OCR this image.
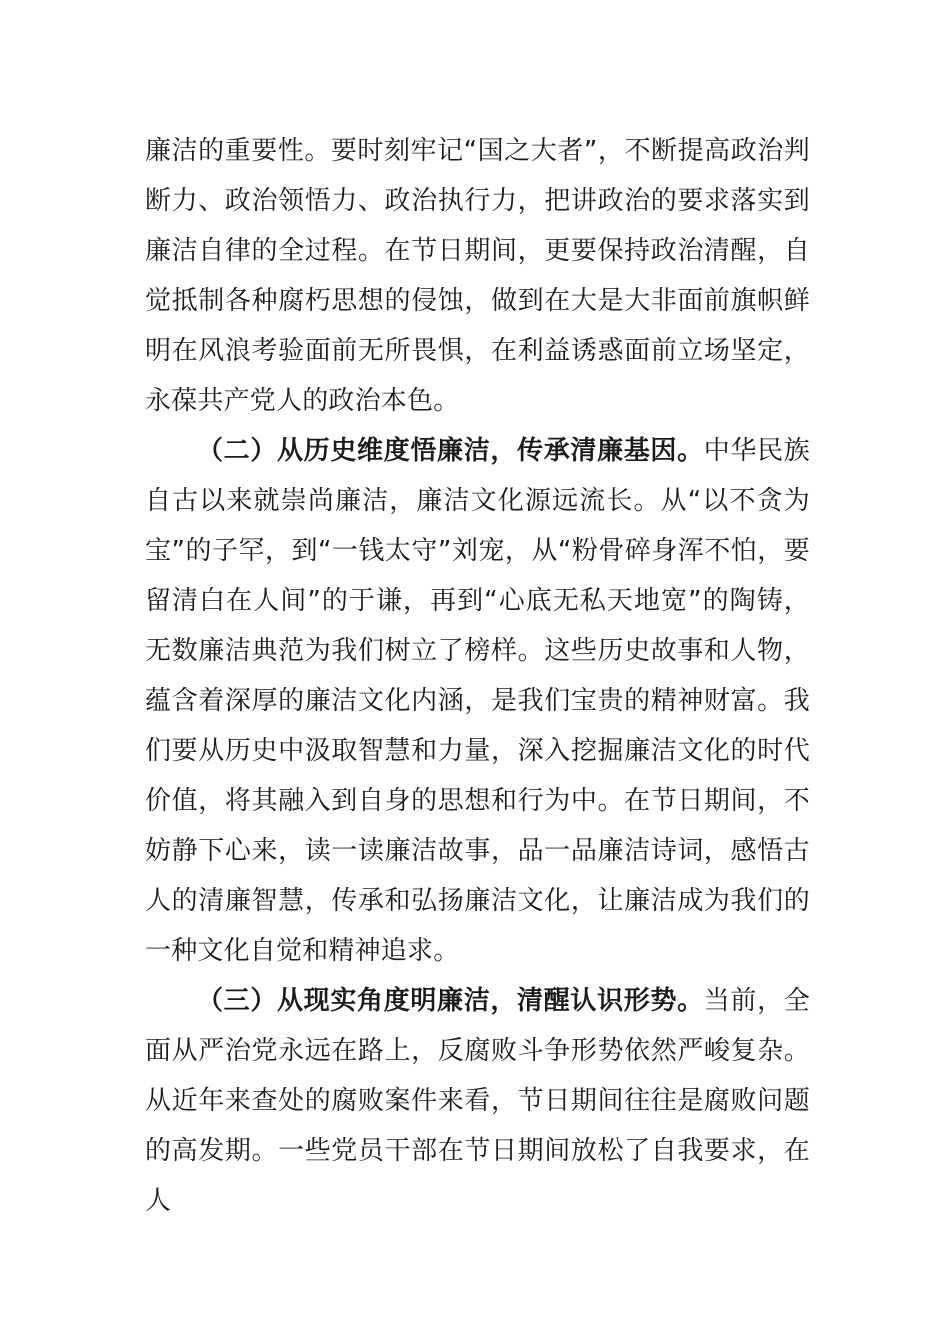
廉洁的重要性。要时刻牢记“国之大者”，不断提高政治判断力、政治领悟力、政治执行力，把讲政治的要求落实到廉洁自律的全过程。在节日期间，更要保持政治清醒，自觉抵制各种腐朽思想的侵蚀，做到在大是大非面前旗帜鲜明在风浪考验面前无所畏惧，在利益诱惑面前立场坚定，永葆共产党人的政治本色。

（二）从历史维度悟廉洁，传承清廉基因。中华民族自古以来就崇尚廉洁，廉洁文化源远流长。从“以不贪为宝”的子罕，到“一钱太守”刘宠，从“粉骨碎身浑不怕，要留清白在人间”的于谦，再到“心底无私天地宽”的陶铸，无数廉洁典范为我们树立了榜样。这些历史故事和人物，蕴含着深厚的廉洁文化内涵，是我们宝贵的精神财富。我们要从历史中汲取智慧和力量，深入挖掘廉洁文化的时代价值，将其融入到自身的思想和行为中。在节日期间，不妨静下心来，读一读廉洁故事，品一品廉洁诗词，感悟古人的清廉智慧，传承和弘扬廉洁文化，让廉洁成为我们的一种文化自觉和精神追求。

（三）从现实角度明廉洁，清醒认识形势。当前，全面从严治党永远在路上，反腐败斗争形势依然严峻复杂。从近年来查处的腐败案件来看，节日期间往往是腐败问题的高发期。一些党员干部在节日期间放松了自我要求，在人
